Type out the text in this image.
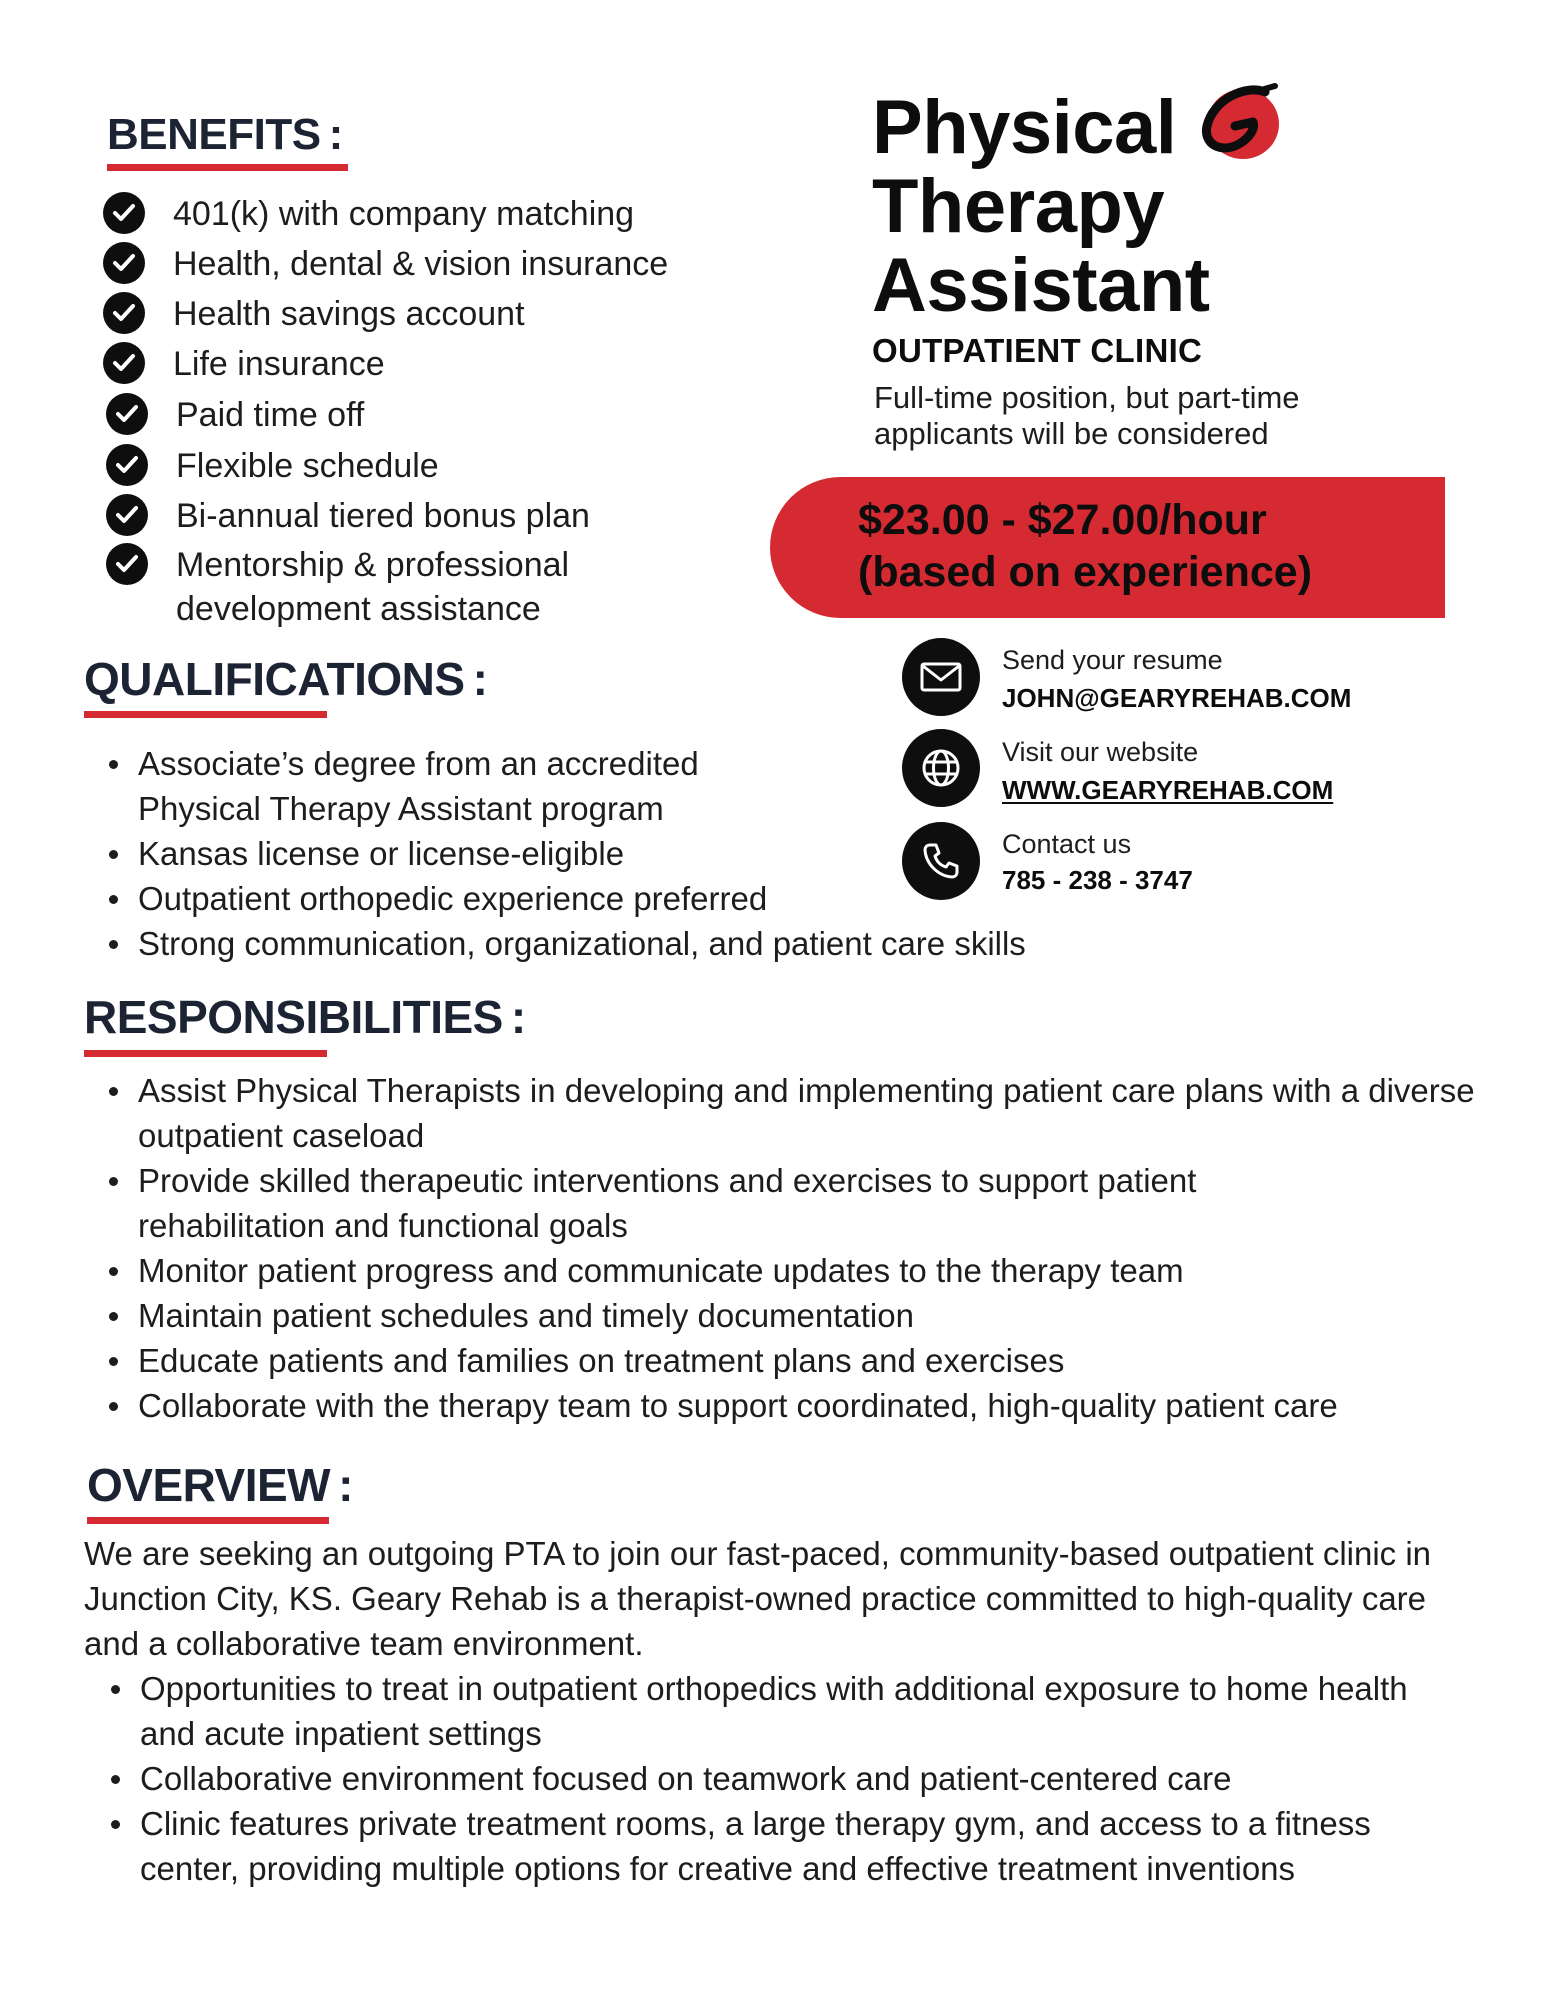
Physical
Therapy
Assistant
OUTPATIENT CLINIC
Full-time position, but part-time applicants will be considered
$23.00 - $27.00/hour
(based on experience)
Send your resume
JOHN@GEARYREHAB.COM
Visit our website
WWW.GEARYREHAB.COM
Contact us
785 - 238 - 3747
BENEFITS :
401(k) with company matching
Health, dental & vision insurance
Health savings account
Life insurance
Paid time off
Flexible schedule
Bi-annual tiered bonus plan
Mentorship & professional development assistance
QUALIFICATIONS :
Associate’s degree from an accredited Physical Therapy Assistant program
Kansas license or license-eligible
Outpatient orthopedic experience preferred
Strong communication, organizational, and patient care skills
RESPONSIBILITIES :
Assist Physical Therapists in developing and implementing patient care plans with a diverse outpatient caseload
Provide skilled therapeutic interventions and exercises to support patient rehabilitation and functional goals
Monitor patient progress and communicate updates to the therapy team
Maintain patient schedules and timely documentation
Educate patients and families on treatment plans and exercises
Collaborate with the therapy team to support coordinated, high-quality patient care
OVERVIEW :
We are seeking an outgoing PTA to join our fast-paced, community-based outpatient clinic in Junction City, KS. Geary Rehab is a therapist-owned practice committed to high-quality care and a collaborative team environment.
Opportunities to treat in outpatient orthopedics with additional exposure to home health and acute inpatient settings
Collaborative environment focused on teamwork and patient-centered care
Clinic features private treatment rooms, a large therapy gym, and access to a fitness center, providing multiple options for creative and effective treatment inventions
